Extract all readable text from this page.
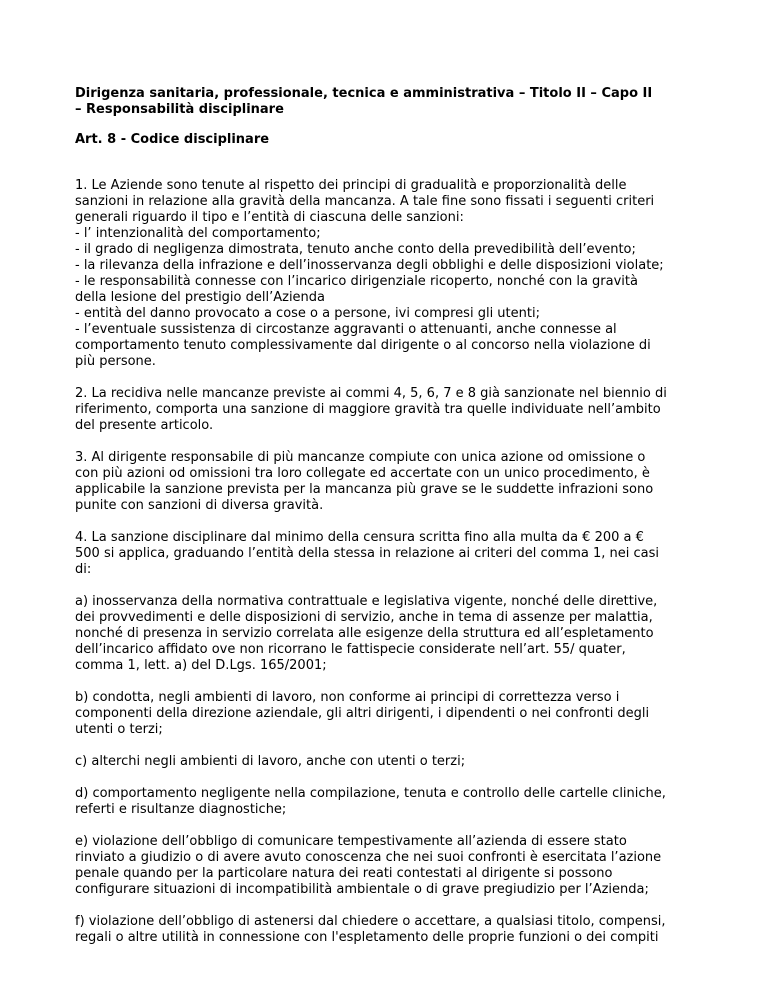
Dirigenza sanitaria, professionale, tecnica e amministrativa – Titolo II – Capo II
– Responsabilità disciplinare
Art. 8 - Codice disciplinare
1. Le Aziende sono tenute al rispetto dei principi di gradualità e proporzionalità delle
sanzioni in relazione alla gravità della mancanza. A tale fine sono fissati i seguenti criteri
generali riguardo il tipo e l’entità di ciascuna delle sanzioni:
- l’ intenzionalità del comportamento;
- il grado di negligenza dimostrata, tenuto anche conto della prevedibilità dell’evento;
- la rilevanza della infrazione e dell’inosservanza degli obblighi e delle disposizioni violate;
- le responsabilità connesse con l’incarico dirigenziale ricoperto, nonché con la gravità
della lesione del prestigio dell’Azienda
- entità del danno provocato a cose o a persone, ivi compresi gli utenti;
- l’eventuale sussistenza di circostanze aggravanti o attenuanti, anche connesse al
comportamento tenuto complessivamente dal dirigente o al concorso nella violazione di
più persone.
2. La recidiva nelle mancanze previste ai commi 4, 5, 6, 7 e 8 già sanzionate nel biennio di
riferimento, comporta una sanzione di maggiore gravità tra quelle individuate nell’ambito
del presente articolo.
3. Al dirigente responsabile di più mancanze compiute con unica azione od omissione o
con più azioni od omissioni tra loro collegate ed accertate con un unico procedimento, è
applicabile la sanzione prevista per la mancanza più grave se le suddette infrazioni sono
punite con sanzioni di diversa gravità.
4. La sanzione disciplinare dal minimo della censura scritta fino alla multa da € 200 a €
500 si applica, graduando l’entità della stessa in relazione ai criteri del comma 1, nei casi
di:
a) inosservanza della normativa contrattuale e legislativa vigente, nonché delle direttive,
dei provvedimenti e delle disposizioni di servizio, anche in tema di assenze per malattia,
nonché di presenza in servizio correlata alle esigenze della struttura ed all’espletamento
dell’incarico affidato ove non ricorrano le fattispecie considerate nell’art. 55/ quater,
comma 1, lett. a) del D.Lgs. 165/2001;
b) condotta, negli ambienti di lavoro, non conforme ai principi di correttezza verso i
componenti della direzione aziendale, gli altri dirigenti, i dipendenti o nei confronti degli
utenti o terzi;
c) alterchi negli ambienti di lavoro, anche con utenti o terzi;
d) comportamento negligente nella compilazione, tenuta e controllo delle cartelle cliniche,
referti e risultanze diagnostiche;
e) violazione dell’obbligo di comunicare tempestivamente all’azienda di essere stato
rinviato a giudizio o di avere avuto conoscenza che nei suoi confronti è esercitata l’azione
penale quando per la particolare natura dei reati contestati al dirigente si possono
configurare situazioni di incompatibilità ambientale o di grave pregiudizio per l’Azienda;
f) violazione dell’obbligo di astenersi dal chiedere o accettare, a qualsiasi titolo, compensi,
regali o altre utilità in connessione con l'espletamento delle proprie funzioni o dei compiti
